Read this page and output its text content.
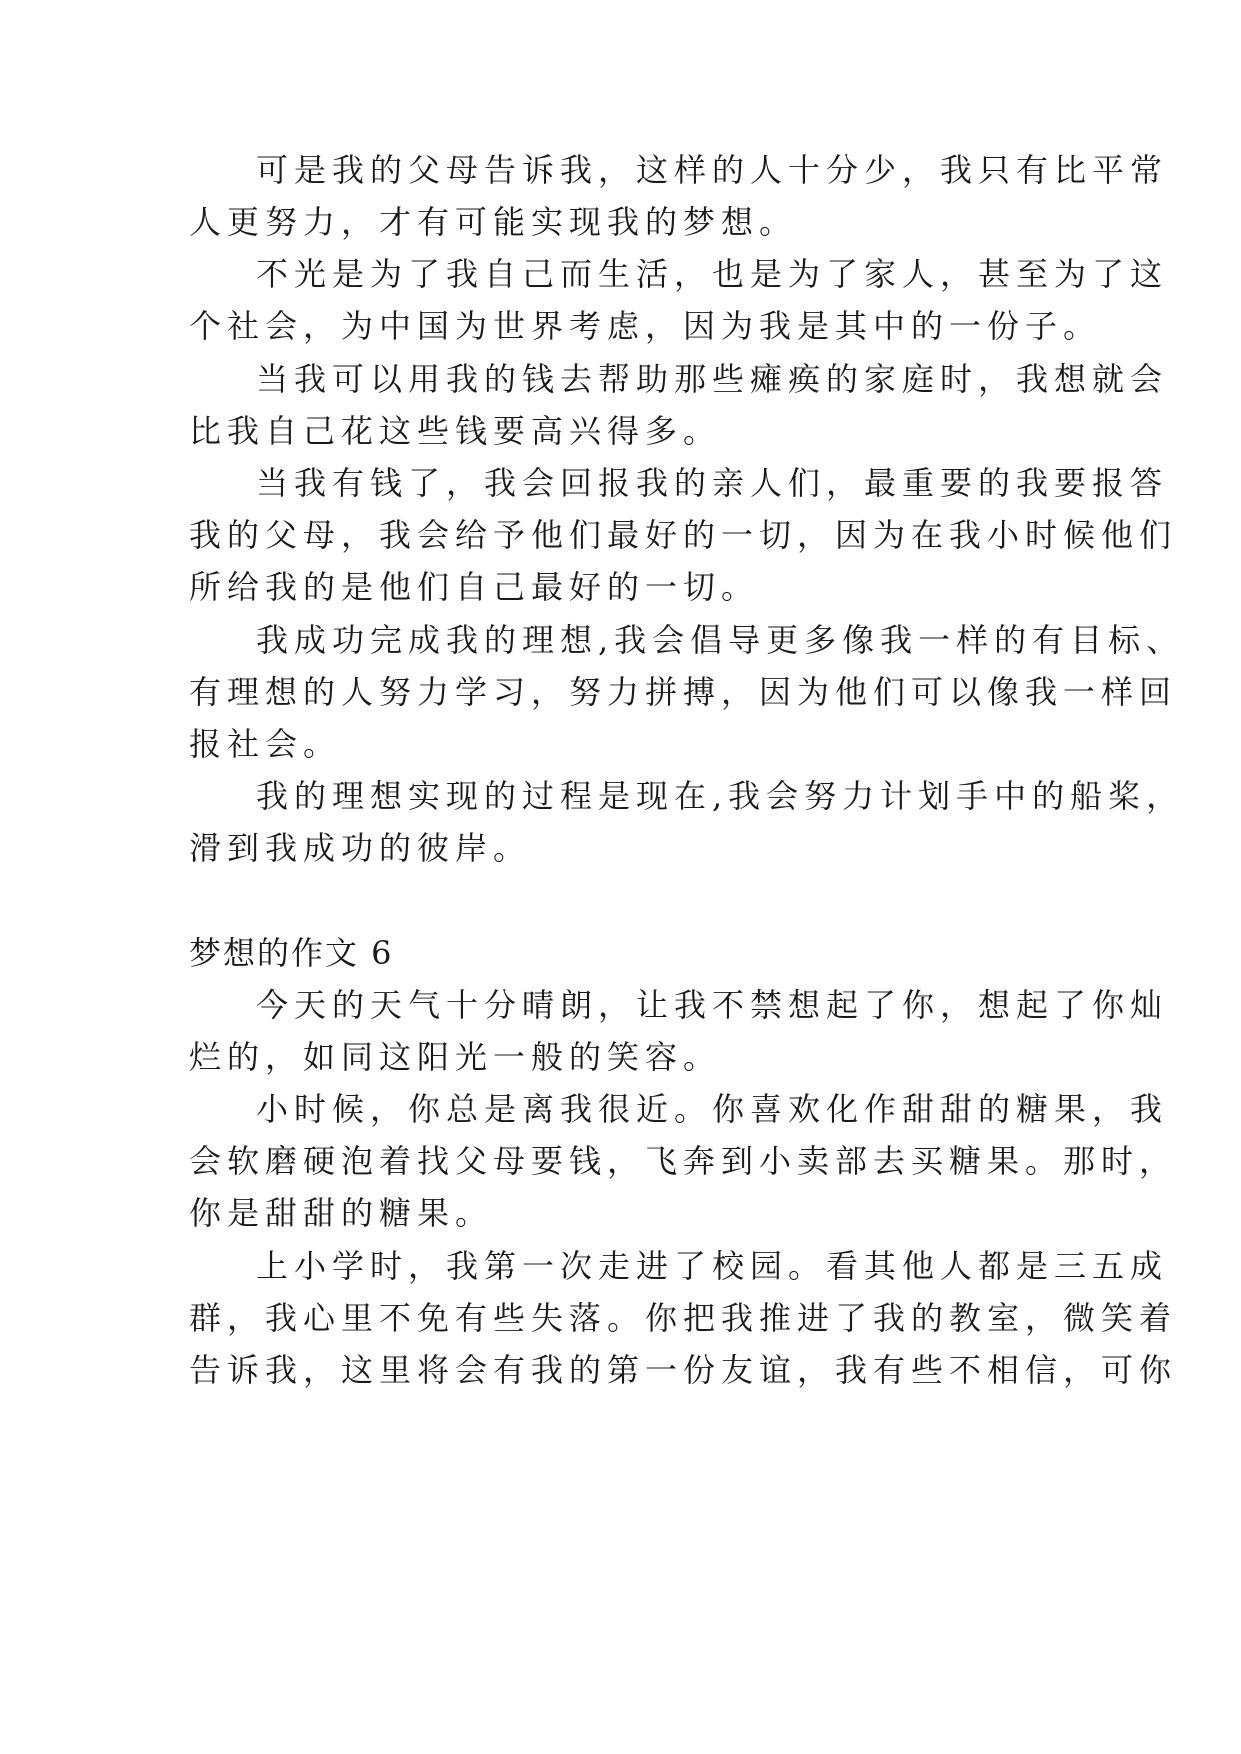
可是我的父母告诉我，这样的人十分少，我只有比平常
人更努力，才有可能实现我的梦想。
不光是为了我自己而生活，也是为了家人，甚至为了这
个社会，为中国为世界考虑，因为我是其中的一份子。
当我可以用我的钱去帮助那些瘫痪的家庭时，我想就会
比我自己花这些钱要高兴得多。
当我有钱了，我会回报我的亲人们，最重要的我要报答
我的父母，我会给予他们最好的一切，因为在我小时候他们
所给我的是他们自己最好的一切。
我成功完成我的理想,我会倡导更多像我一样的有目标、
有理想的人努力学习，努力拼搏，因为他们可以像我一样回
报社会。
我的理想实现的过程是现在,我会努力计划手中的船桨，
滑到我成功的彼岸。
梦想的作文 6
今天的天气十分晴朗，让我不禁想起了你，想起了你灿
烂的，如同这阳光一般的笑容。
小时候，你总是离我很近。你喜欢化作甜甜的糖果，我
会软磨硬泡着找父母要钱，飞奔到小卖部去买糖果。那时，
你是甜甜的糖果。
上小学时，我第一次走进了校园。看其他人都是三五成
群，我心里不免有些失落。你把我推进了我的教室，微笑着
告诉我，这里将会有我的第一份友谊，我有些不相信，可你
